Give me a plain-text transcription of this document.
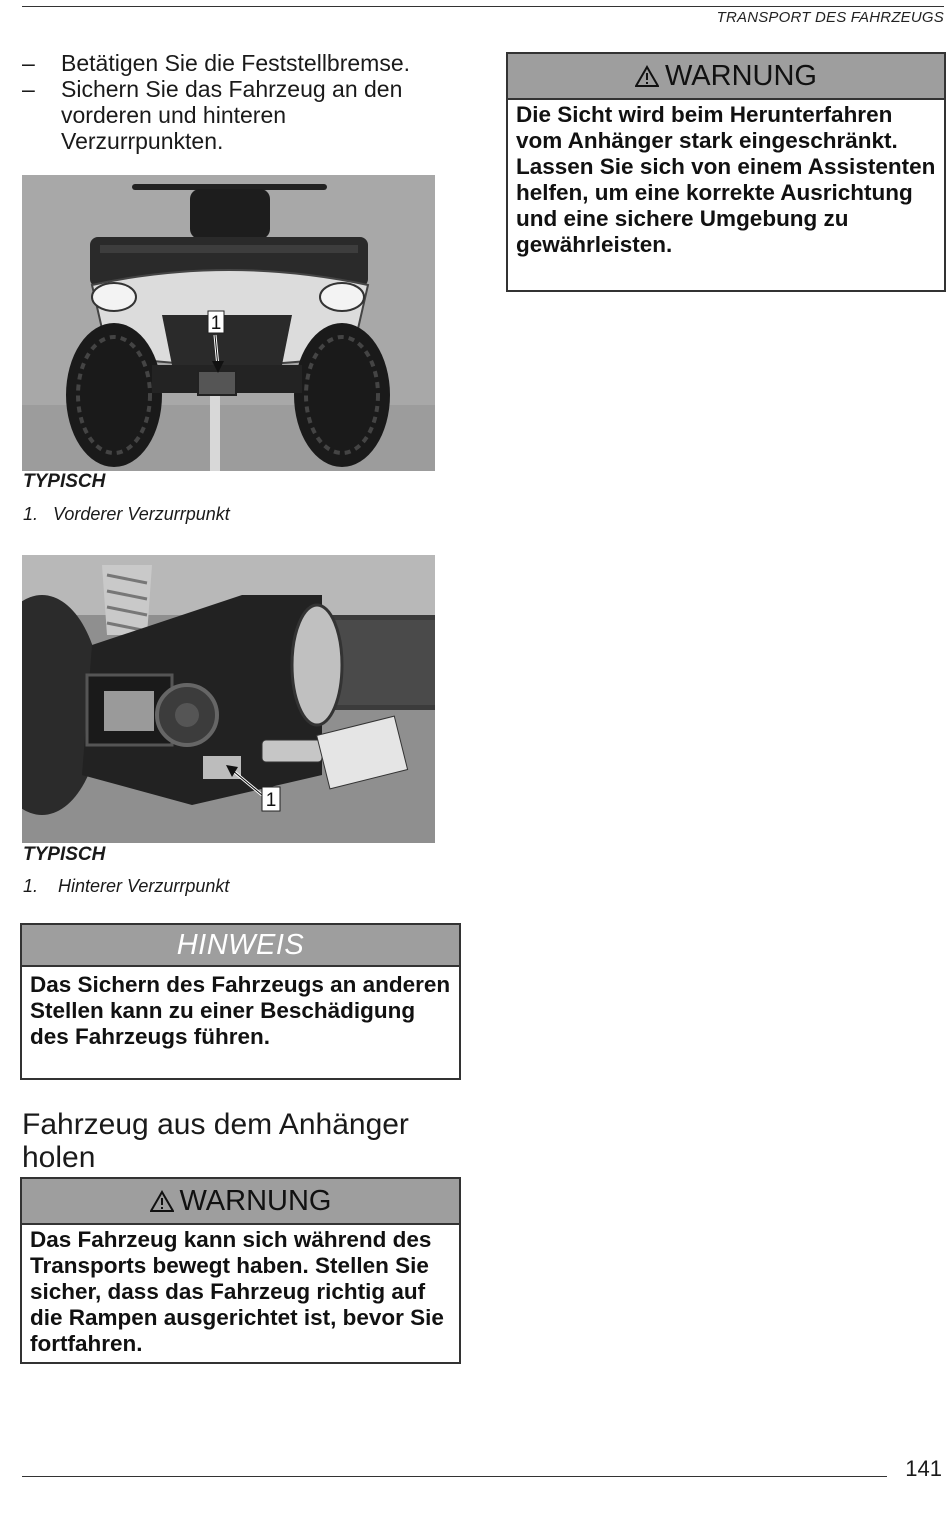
TRANSPORT DES FAHRZEUGS
– Betätigen Sie die Feststellbremse.
– Sichern Sie das Fahrzeug an den vorderen und hinteren Verzurrpunkten.
1
TYPISCH
1. Vorderer Verzurrpunkt
1
TYPISCH
1. Hinterer Verzurrpunkt
HINWEIS
Das Sichern des Fahrzeugs an anderen Stellen kann zu einer Beschädigung des Fahrzeugs führen.
Fahrzeug aus dem Anhänger holen
WARNUNG
Das Fahrzeug kann sich während des Transports bewegt haben. Stellen Sie sicher, dass das Fahrzeug richtig auf die Rampen ausgerichtet ist, bevor Sie fortfahren.
WARNUNG
Die Sicht wird beim Herunterfahren vom Anhänger stark eingeschränkt. Lassen Sie sich von einem Assistenten helfen, um eine korrekte Ausrichtung und eine sichere Umgebung zu gewährleisten.
141
